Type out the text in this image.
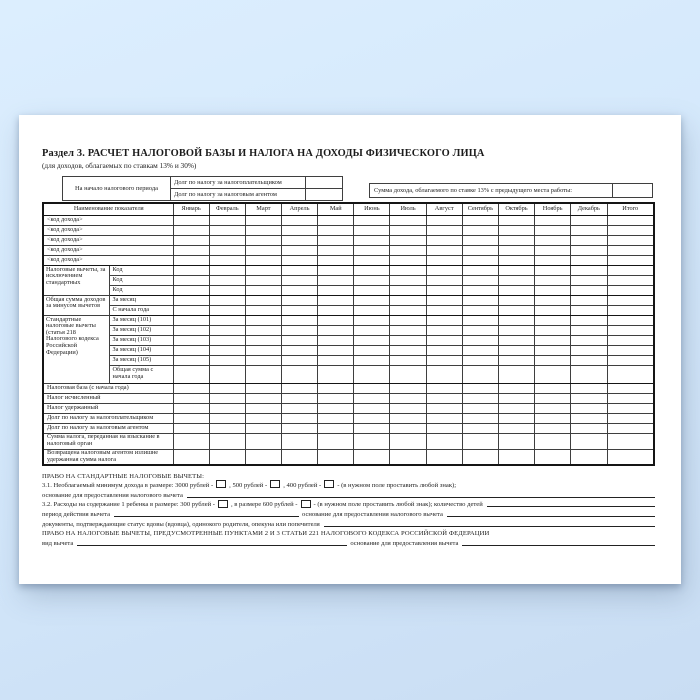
Раздел 3. РАСЧЕТ НАЛОГОВОЙ БАЗЫ И НАЛОГА НА ДОХОДЫ ФИЗИЧЕСКОГО ЛИЦА
(для доходов, облагаемых по ставкам 13% и 30%)
На начало налогового периода	Долг по налогу за налогоплательщиком	
	Долг по налогу за налоговым агентом	
Сумма дохода, облагаемого по ставке 13% с предыдущего места работы:	
Наименование показателя		Январь	Февраль	Март	Апрель	Май	Июнь	Июль	Август	Сентябрь	Октябрь	Ноябрь	Декабрь	Итого
<код дохода>														
<код дохода>														
<код дохода>														
<код дохода>														
<код дохода>														
Налоговые вычеты, за исключением стандартных	Код													
	Код													
	Код													
Общая сумма доходов за минусом вычетов	За месяц													
	С начала года													
Стандартные налоговые вычеты (статья 218 Налогового кодекса Российской Федерации)	За месяц (101)													
	За месяц (102)													
	За месяц (103)													
	За месяц (104)													
	За месяц (105)													
	Общая сумма с начала года													
Налоговая база (с начала года)														
Налог исчисленный														
Налог удержанный														
Долг по налогу за налогоплательщиком														
Долг по налогу за налоговым агентом														
Сумма налога, переданная на взыскание в налоговый орган														
Возвращена налоговым агентом излишне удержанная сумма налога														
ПРАВО НА СТАНДАРТНЫЕ НАЛОГОВЫЕ ВЫЧЕТЫ:
3.1. Необлагаемый минимум дохода в размере: 3000 рублей - , 500 рублей - , 400 рублей - - (в нужном поле проставить любой знак);
основание для предоставления налогового вычета
3.2. Расходы на содержание 1 ребенка в размере: 300 рублей - , в размере 600 рублей - - (в нужном поле проставить любой знак); количество детей
период действия вычета	основание для предоставления налогового вычета
документы, подтверждающие статус вдовы (вдовца), одинокого родителя, опекуна или попечителя
ПРАВО НА НАЛОГОВЫЕ ВЫЧЕТЫ, ПРЕДУСМОТРЕННЫЕ ПУНКТАМИ 2 И 3 СТАТЬИ 221 НАЛОГОВОГО КОДЕКСА РОССИЙСКОЙ ФЕДЕРАЦИИ
вид вычета	основание для предоставления вычета
